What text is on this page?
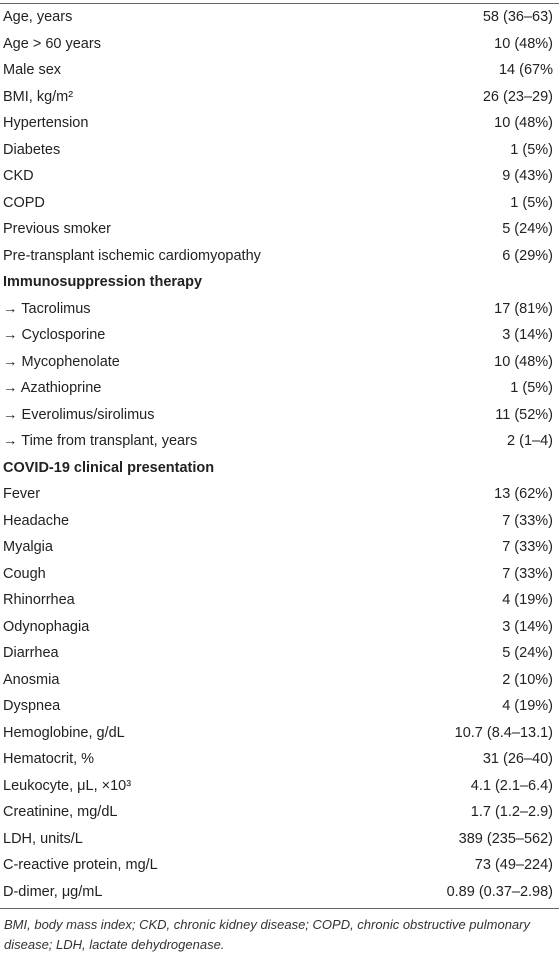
Age, years	58 (36–63)
Age > 60 years	10 (48%)
Male sex	14 (67%
BMI, kg/m²	26 (23–29)
Hypertension	10 (48%)
Diabetes	1 (5%)
CKD	9 (43%)
COPD	1 (5%)
Previous smoker	5 (24%)
Pre-transplant ischemic cardiomyopathy	6 (29%)
Immunosuppression therapy	
→ Tacrolimus	17 (81%)
→ Cyclosporine	3 (14%)
→ Mycophenolate	10 (48%)
→ Azathioprine	1 (5%)
→ Everolimus/sirolimus	11 (52%)
→ Time from transplant, years	2 (1–4)
COVID-19 clinical presentation	
Fever	13 (62%)
Headache	7 (33%)
Myalgia	7 (33%)
Cough	7 (33%)
Rhinorrhea	4 (19%)
Odynophagia	3 (14%)
Diarrhea	5 (24%)
Anosmia	2 (10%)
Dyspnea	4 (19%)
Hemoglobine, g/dL	10.7 (8.4–13.1)
Hematocrit, %	31 (26–40)
Leukocyte, μL, ×10³	4.1 (2.1–6.4)
Creatinine, mg/dL	1.7 (1.2–2.9)
LDH, units/L	389 (235–562)
C-reactive protein, mg/L	73 (49–224)
D-dimer, μg/mL	0.89 (0.37–2.98)
BMI, body mass index; CKD, chronic kidney disease; COPD, chronic obstructive pulmonary disease; LDH, lactate dehydrogenase.
